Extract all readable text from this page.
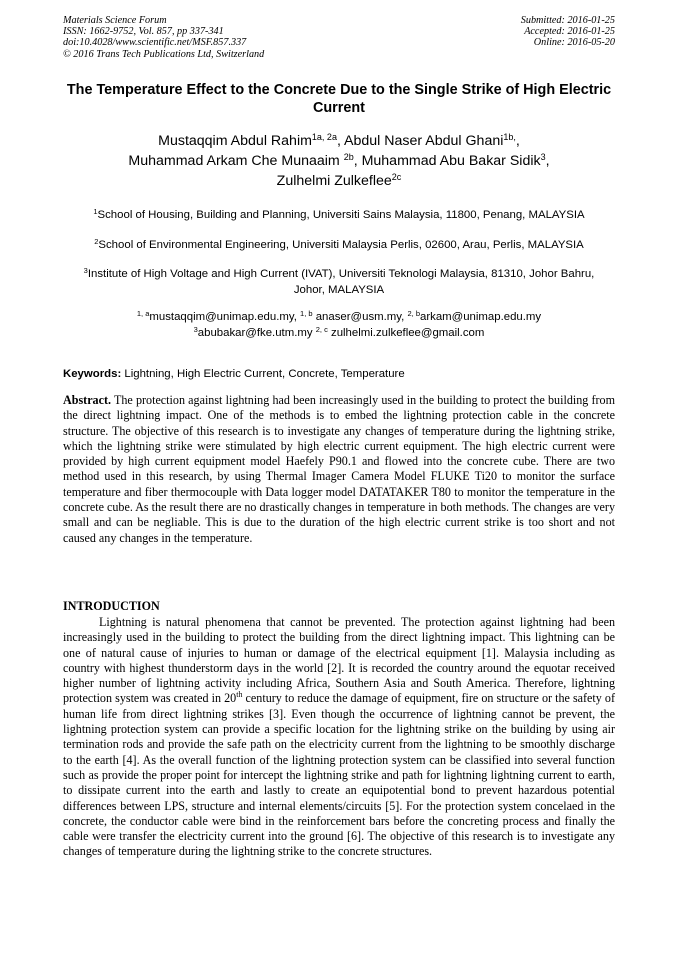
Materials Science Forum
ISSN: 1662-9752, Vol. 857, pp 337-341
doi:10.4028/www.scientific.net/MSF.857.337
© 2016 Trans Tech Publications Ltd, Switzerland
Submitted: 2016-01-25
Accepted: 2016-01-25
Online: 2016-05-20
The Temperature Effect to the Concrete Due to the Single Strike of High Electric Current
Mustaqqim Abdul Rahim$^{1a, 2a}$, Abdul Naser Abdul Ghani$^{1b,}$,
Muhammad Arkam Che Munaaim $^{2b}$, Muhammad Abu Bakar Sidik$^3$,
Zulhelmi Zulkeflee$^{2c}$
$^1$School of Housing, Building and Planning, Universiti Sains Malaysia, 11800, Penang, MALAYSIA
$^2$School of Environmental Engineering, Universiti Malaysia Perlis, 02600, Arau, Perlis, MALAYSIA
$^3$Institute of High Voltage and High Current (IVAT), Universiti Teknologi Malaysia, 81310, Johor Bahru, Johor, MALAYSIA
$^{1, a}$mustaqqim@unimap.edu.my, $^{1, b}$ anaser@usm.my, $^{2, b}$arkam@unimap.edu.my
$^3$abubakar@fke.utm.my $^{2, c}$ zulhelmi.zulkeflee@gmail.com
Keywords: Lightning, High Electric Current, Concrete, Temperature
Abstract. The protection against lightning had been increasingly used in the building to protect the building from the direct lightning impact. One of the methods is to embed the lightning protection cable in the concrete structure. The objective of this research is to investigate any changes of temperature during the lightning strike, which the lightning strike were stimulated by high electric current equipment. The high electric current were provided by high current equipment model Haefely P90.1 and flowed into the concrete cube. There are two method used in this research, by using Thermal Imager Camera Model FLUKE Ti20 to monitor the surface temperature and fiber thermocouple with Data logger model DATATAKER T80 to monitor the temperature in the concrete cube. As the result there are no drastically changes in temperature in both methods. The changes are very small and can be negliable. This is due to the duration of the high electric current strike is too short and not caused any changes in the temperature.
INTRODUCTION
Lightning is natural phenomena that cannot be prevented. The protection against lightning had been increasingly used in the building to protect the building from the direct lightning impact. This lightning can be one of natural cause of injuries to human or damage of the electrical equipment [1]. Malaysia including as country with highest thunderstorm days in the world [2]. It is recorded the country around the equotar received higher number of lightning activity including Africa, Southern Asia and South America. Therefore, lightning protection system was created in 20th century to reduce the damage of equipment, fire on structure or the safety of human life from direct lightning strikes [3]. Even though the occurrence of lightning cannot be prevent, the lightning protection system can provide a specific location for the lightning strike on the building by using air termination rods and provide the safe path on the electricity current from the lightning to be smoothly discharge to the earth [4]. As the overall function of the lightning protection system can be classified into several function such as provide the proper point for intercept the lightning strike and path for lightning lightning current to earth, to dissipate current into the earth and lastly to create an equipotential bond to prevent hazardous potential differences between LPS, structure and internal elements/circuits [5]. For the protection system concelaed in the concrete, the conductor cable were bind in the reinforcement bars before the concreting process and finally the cable were transfer the electricity current into the ground [6]. The objective of this research is to investigate any changes of temperature during the lightning strike to the concrete structures.
